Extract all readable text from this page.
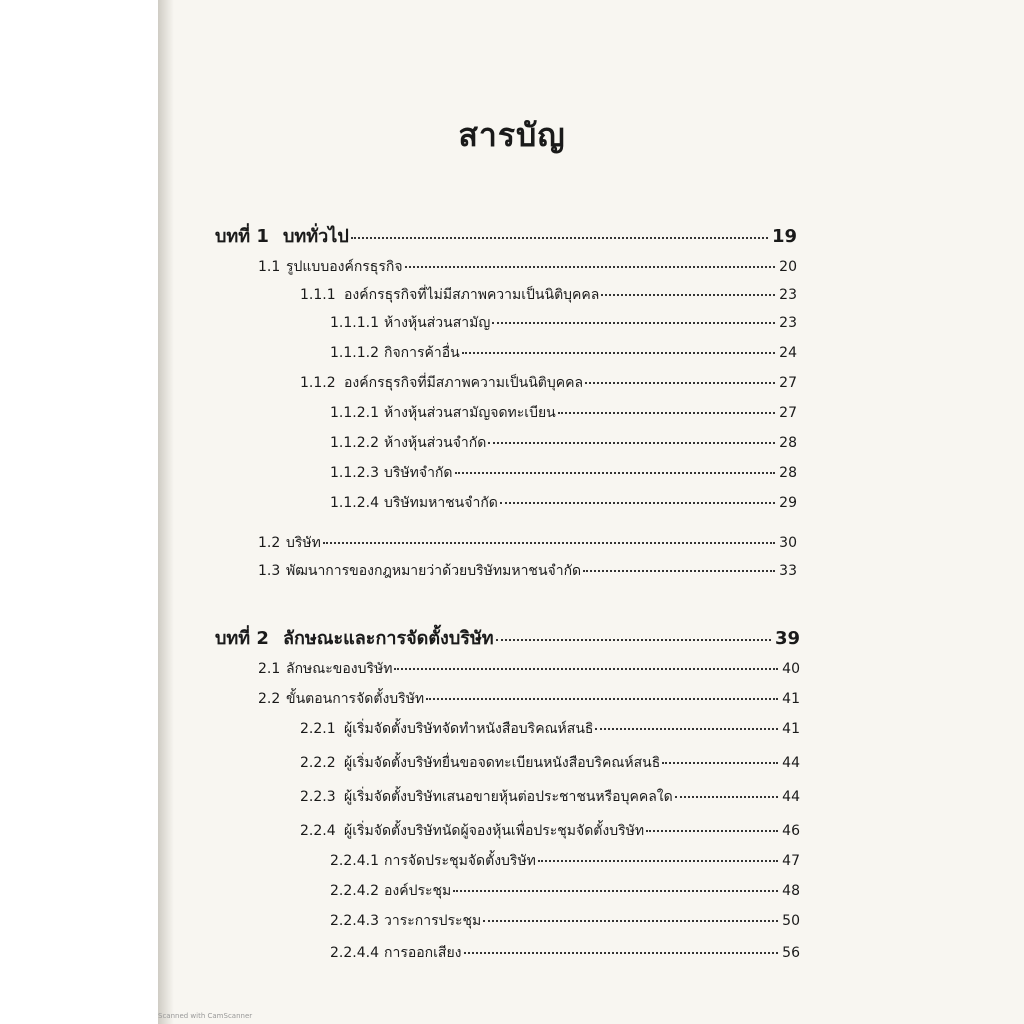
สารบัญ
บทที่ 1 บททั่วไป	19
1.1 รูปแบบองค์กรธุรกิจ	20
1.1.1 องค์กรธุรกิจที่ไม่มีสภาพความเป็นนิติบุคคล	23
1.1.1.1 ห้างหุ้นส่วนสามัญ	23
1.1.1.2 กิจการค้าอื่น	24
1.1.2 องค์กรธุรกิจที่มีสภาพความเป็นนิติบุคคล	27
1.1.2.1 ห้างหุ้นส่วนสามัญจดทะเบียน	27
1.1.2.2 ห้างหุ้นส่วนจำกัด	28
1.1.2.3 บริษัทจำกัด	28
1.1.2.4 บริษัทมหาชนจำกัด	29
1.2 บริษัท	30
1.3 พัฒนาการของกฎหมายว่าด้วยบริษัทมหาชนจำกัด	33
บทที่ 2 ลักษณะและการจัดตั้งบริษัท	39
2.1 ลักษณะของบริษัท	40
2.2 ขั้นตอนการจัดตั้งบริษัท	41
2.2.1 ผู้เริ่มจัดตั้งบริษัทจัดทำหนังสือบริคณห์สนธิ	41
2.2.2 ผู้เริ่มจัดตั้งบริษัทยื่นขอจดทะเบียนหนังสือบริคณห์สนธิ	44
2.2.3 ผู้เริ่มจัดตั้งบริษัทเสนอขายหุ้นต่อประชาชนหรือบุคคลใด	44
2.2.4 ผู้เริ่มจัดตั้งบริษัทนัดผู้จองหุ้นเพื่อประชุมจัดตั้งบริษัท	46
2.2.4.1 การจัดประชุมจัดตั้งบริษัท	47
2.2.4.2 องค์ประชุม	48
2.2.4.3 วาระการประชุม	50
2.2.4.4 การออกเสียง	56
Scanned with CamScanner
